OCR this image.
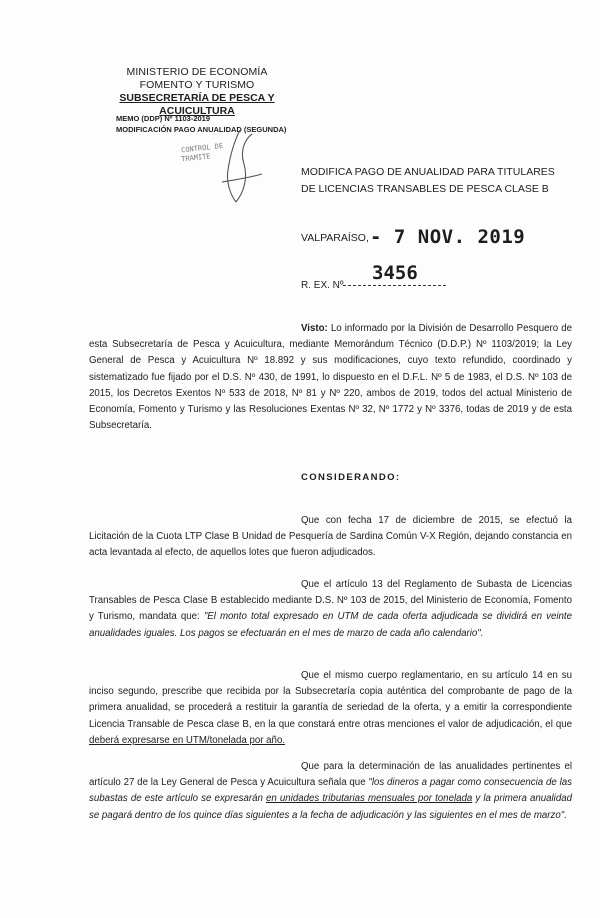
MINISTERIO DE ECONOMÍA
FOMENTO Y TURISMO
SUBSECRETARÍA DE PESCA Y ACUICULTURA
MEMO (DDP) Nº 1103-2019
MODIFICACIÓN PAGO ANUALIDAD (SEGUNDA)
CONTROL DE
TRAMITE
MODIFICA PAGO DE ANUALIDAD PARA TITULARES
DE LICENCIAS TRANSABLES DE PESCA CLASE B
VALPARAÍSO, - 7 NOV. 2019
3456
R. EX. Nº
Visto: Lo informado por la División de Desarrollo Pesquero de esta Subsecretaría de Pesca y Acuicultura, mediante Memorándum Técnico (D.D.P.) Nº 1103/2019; la Ley General de Pesca y Acuicultura Nº 18.892 y sus modificaciones, cuyo texto refundido, coordinado y sistematizado fue fijado por el D.S. Nº 430, de 1991, lo dispuesto en el D.F.L. Nº 5 de 1983, el D.S. Nº 103 de 2015, los Decretos Exentos Nº 533 de 2018, Nº 81 y Nº 220, ambos de 2019, todos del actual Ministerio de Economía, Fomento y Turismo y las Resoluciones Exentas Nº 32, Nº 1772 y Nº 3376, todas de 2019 y de esta Subsecretaría.
CONSIDERANDO:
Que con fecha 17 de diciembre de 2015, se efectuó la Licitación de la Cuota LTP Clase B Unidad de Pesquería de Sardina Común V-X Región, dejando constancia en acta levantada al efecto, de aquellos lotes que fueron adjudicados.
Que el artículo 13 del Reglamento de Subasta de Licencias Transables de Pesca Clase B establecido mediante D.S. Nº 103 de 2015, del Ministerio de Economía, Fomento y Turismo, mandata que: "El monto total expresado en UTM de cada oferta adjudicada se dividirá en veinte anualidades iguales. Los pagos se efectuarán en el mes de marzo de cada año calendario".
Que el mismo cuerpo reglamentario, en su artículo 14 en su inciso segundo, prescribe que recibida por la Subsecretaría copia auténtica del comprobante de pago de la primera anualidad, se procederá a restituir la garantía de seriedad de la oferta, y a emitir la correspondiente Licencia Transable de Pesca clase B, en la que constará entre otras menciones el valor de adjudicación, el que deberá expresarse en UTM/tonelada por año.
Que para la determinación de las anualidades pertinentes el artículo 27 de la Ley General de Pesca y Acuicultura señala que "los dineros a pagar como consecuencia de las subastas de este artículo se expresarán en unidades tributarias mensuales por tonelada y la primera anualidad se pagará dentro de los quince días siguientes a la fecha de adjudicación y las siguientes en el mes de marzo".
